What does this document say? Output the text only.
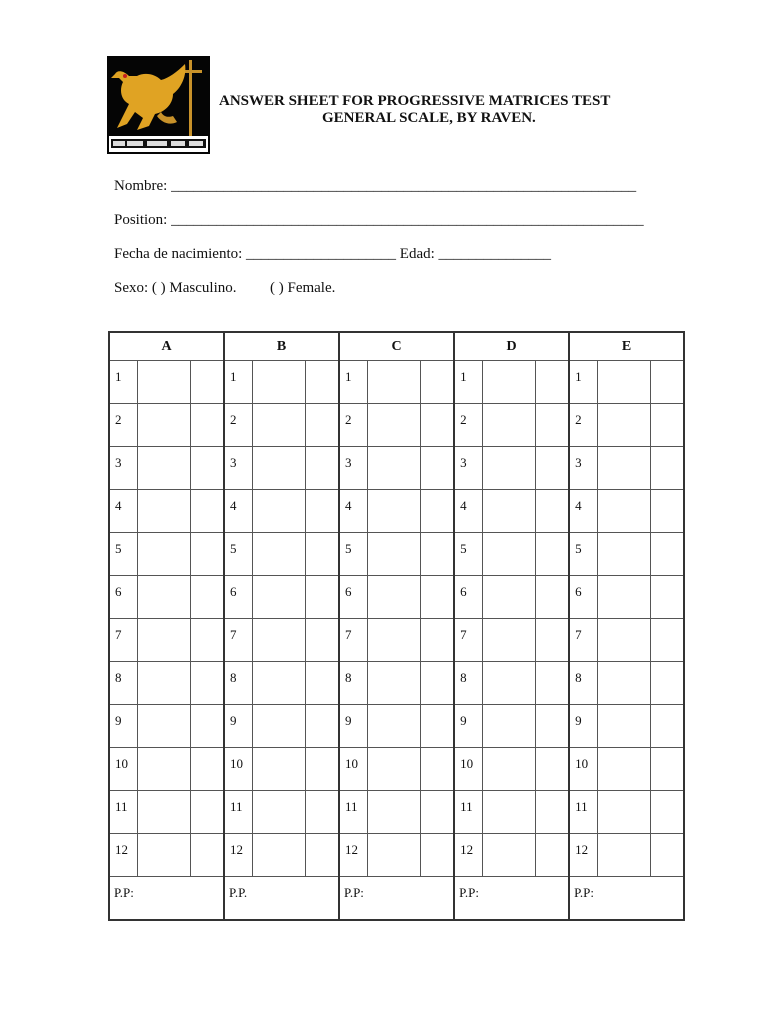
ANSWER SHEET FOR PROGRESSIVE MATRICES TEST
GENERAL SCALE, BY RAVEN.
Nombre: ______________________________________________________________
Position: _______________________________________________________________
Fecha de nacimiento: ____________________ Edad: _______________
Sexo: ( ) Masculino. ( ) Female.
A			B			C			D			E		
1			1			1			1			1		
2			2			2			2			2		
3			3			3			3			3		
4			4			4			4			4		
5			5			5			5			5		
6			6			6			6			6		
7			7			7			7			7		
8			8			8			8			8		
9			9			9			9			9		
10			10			10			10			10		
11			11			11			11			11		
12			12			12			12			12		
P.P:			P.P.			P.P:			P.P:			P.P:		
